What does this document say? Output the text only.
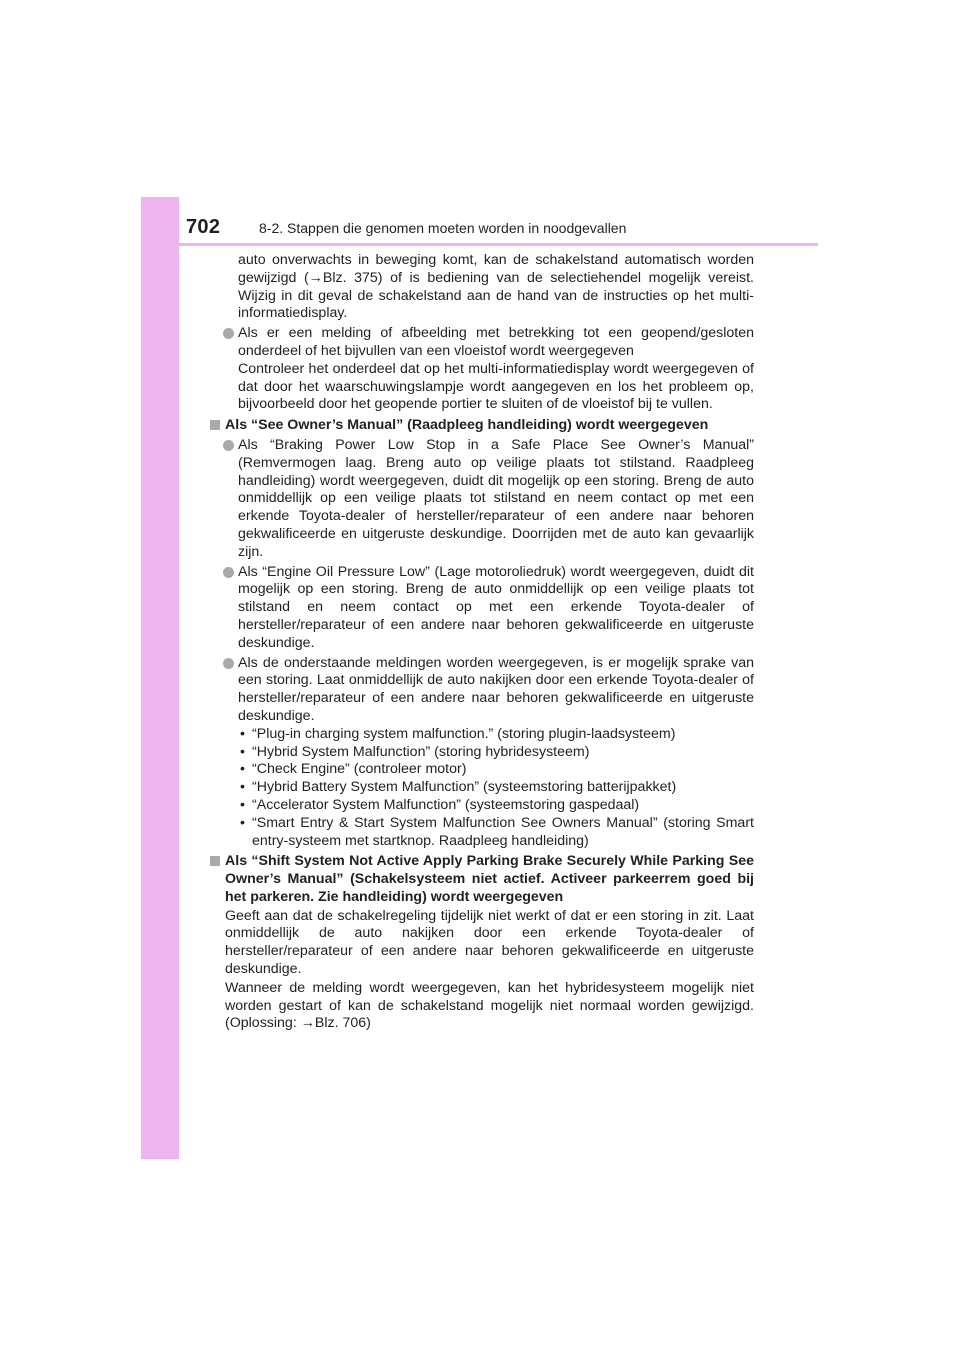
702	8-2. Stappen die genomen moeten worden in noodgevallen

auto onverwachts in beweging komt, kan de schakelstand automatisch worden gewijzigd (→Blz. 375) of is bediening van de selectiehendel mogelijk vereist. Wijzig in dit geval de schakelstand aan de hand van de instructies op het multi-informatiedisplay.

Als er een melding of afbeelding met betrekking tot een geopend/gesloten onderdeel of het bijvullen van een vloeistof wordt weergegeven

Controleer het onderdeel dat op het multi-informatiedisplay wordt weergegeven of dat door het waarschuwingslampje wordt aangegeven en los het probleem op, bijvoorbeeld door het geopende portier te sluiten of de vloeistof bij te vullen.

Als “See Owner’s Manual” (Raadpleeg handleiding) wordt weergegeven

Als “Braking Power Low Stop in a Safe Place See Owner’s Manual” (Remvermogen laag. Breng auto op veilige plaats tot stilstand. Raadpleeg handleiding) wordt weergegeven, duidt dit mogelijk op een storing. Breng de auto onmiddellijk op een veilige plaats tot stilstand en neem contact op met een erkende Toyota-dealer of hersteller/reparateur of een andere naar behoren gekwalificeerde en uitgeruste deskundige. Doorrijden met de auto kan gevaarlijk zijn.

Als “Engine Oil Pressure Low” (Lage motoroliedruk) wordt weergegeven, duidt dit mogelijk op een storing. Breng de auto onmiddellijk op een veilige plaats tot stilstand en neem contact op met een erkende Toyota-dealer of hersteller/reparateur of een andere naar behoren gekwalificeerde en uitgeruste deskundige.

Als de onderstaande meldingen worden weergegeven, is er mogelijk sprake van een storing. Laat onmiddellijk de auto nakijken door een erkende Toyota-dealer of hersteller/reparateur of een andere naar behoren gekwalificeerde en uitgeruste deskundige.

• “Plug-in charging system malfunction.” (storing plugin-laadsysteem)

• “Hybrid System Malfunction” (storing hybridesysteem)

• “Check Engine” (controleer motor)

• “Hybrid Battery System Malfunction” (systeemstoring batterijpakket)

• “Accelerator System Malfunction” (systeemstoring gaspedaal)

• “Smart Entry & Start System Malfunction See Owners Manual” (storing Smart entry-systeem met startknop. Raadpleeg handleiding)

Als “Shift System Not Active Apply Parking Brake Securely While Parking See Owner’s Manual” (Schakelsysteem niet actief. Activeer parkeerrem goed bij het parkeren. Zie handleiding) wordt weergegeven

Geeft aan dat de schakelregeling tijdelijk niet werkt of dat er een storing in zit. Laat onmiddellijk de auto nakijken door een erkende Toyota-dealer of hersteller/reparateur of een andere naar behoren gekwalificeerde en uitgeruste deskundige.

Wanneer de melding wordt weergegeven, kan het hybridesysteem mogelijk niet worden gestart of kan de schakelstand mogelijk niet normaal worden gewijzigd. (Oplossing: →Blz. 706)
